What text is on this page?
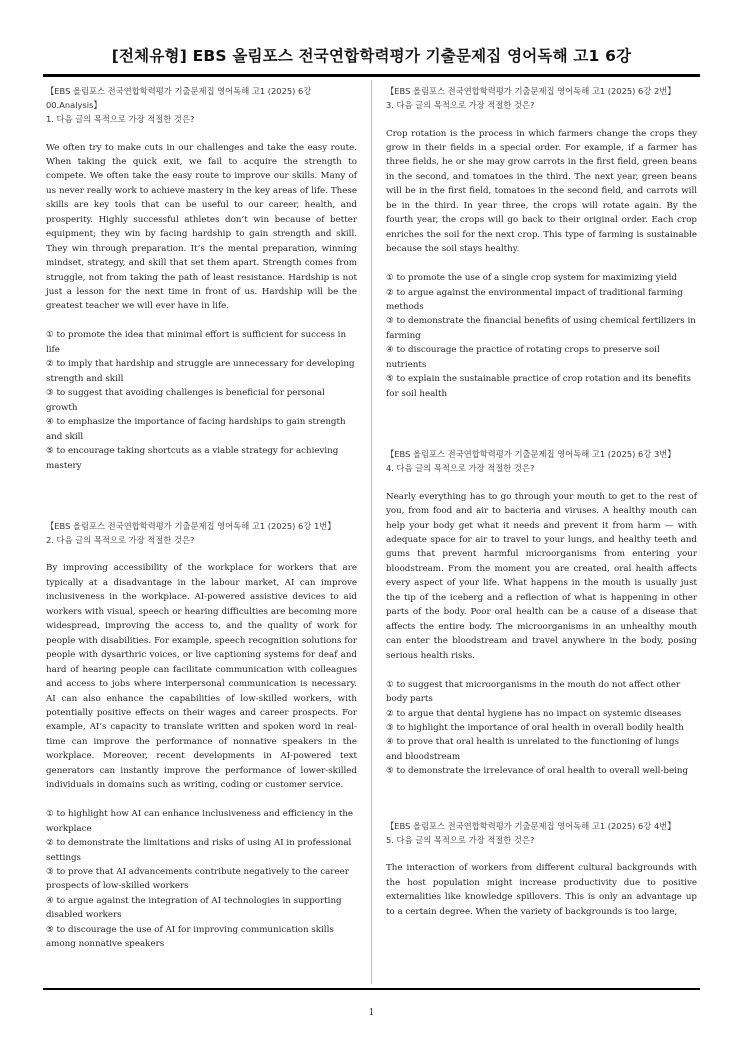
[전체유형] EBS 올림포스 전국연합학력평가 기출문제집 영어독해 고1 6강
【EBS 올림포스 전국연합학력평가 기출문제집 영어독해 고1 (2025) 6강 00.Analysis】
1. 다음 글의 목적으로 가장 적절한 것은?
We often try to make cuts in our challenges and take the easy route. When taking the quick exit, we fail to acquire the strength to compete. We often take the easy route to improve our skills. Many of us never really work to achieve mastery in the key areas of life. These skills are key tools that can be useful to our career, health, and prosperity. Highly successful athletes don’t win because of better equipment; they win by facing hardship to gain strength and skill. They win through preparation. It’s the mental preparation, winning mindset, strategy, and skill that set them apart. Strength comes from struggle, not from taking the path of least resistance. Hardship is not just a lesson for the next time in front of us. Hardship will be the greatest teacher we will ever have in life.
① to promote the idea that minimal effort is sufficient for success in life
② to imply that hardship and struggle are unnecessary for developing strength and skill
③ to suggest that avoiding challenges is beneficial for personal growth
④ to emphasize the importance of facing hardships to gain strength and skill
⑤ to encourage taking shortcuts as a viable strategy for achieving mastery
【EBS 올림포스 전국연합학력평가 기출문제집 영어독해 고1 (2025) 6강 1번】
2. 다음 글의 목적으로 가장 적절한 것은?
By improving accessibility of the workplace for workers that are typically at a disadvantage in the labour market, AI can improve inclusiveness in the workplace. AI-powered assistive devices to aid workers with visual, speech or hearing difficulties are becoming more widespread, improving the access to, and the quality of work for people with disabilities. For example, speech recognition solutions for people with dysarthric voices, or live captioning systems for deaf and hard of hearing people can facilitate communication with colleagues and access to jobs where interpersonal communication is necessary. AI can also enhance the capabilities of low-skilled workers, with potentially positive effects on their wages and career prospects. For example, AI’s capacity to translate written and spoken word in real-time can improve the performance of nonnative speakers in the workplace. Moreover, recent developments in AI-powered text generators can instantly improve the performance of lower-skilled individuals in domains such as writing, coding or customer service.
① to highlight how AI can enhance inclusiveness and efficiency in the workplace
② to demonstrate the limitations and risks of using AI in professional settings
③ to prove that AI advancements contribute negatively to the career prospects of low-skilled workers
④ to argue against the integration of AI technologies in supporting disabled workers
⑤ to discourage the use of AI for improving communication skills among nonnative speakers
【EBS 올림포스 전국연합학력평가 기출문제집 영어독해 고1 (2025) 6강 2번】
3. 다음 글의 목적으로 가장 적절한 것은?
Crop rotation is the process in which farmers change the crops they grow in their fields in a special order. For example, if a farmer has three fields, he or she may grow carrots in the first field, green beans in the second, and tomatoes in the third. The next year, green beans will be in the first field, tomatoes in the second field, and carrots will be in the third. In year three, the crops will rotate again. By the fourth year, the crops will go back to their original order. Each crop enriches the soil for the next crop. This type of farming is sustainable because the soil stays healthy.
① to promote the use of a single crop system for maximizing yield
② to argue against the environmental impact of traditional farming methods
③ to demonstrate the financial benefits of using chemical fertilizers in farming
④ to discourage the practice of rotating crops to preserve soil nutrients
⑤ to explain the sustainable practice of crop rotation and its benefits for soil health
【EBS 올림포스 전국연합학력평가 기출문제집 영어독해 고1 (2025) 6강 3번】
4. 다음 글의 목적으로 가장 적절한 것은?
Nearly everything has to go through your mouth to get to the rest of you, from food and air to bacteria and viruses. A healthy mouth can help your body get what it needs and prevent it from harm — with adequate space for air to travel to your lungs, and healthy teeth and gums that prevent harmful microorganisms from entering your bloodstream. From the moment you are created, oral health affects every aspect of your life. What happens in the mouth is usually just the tip of the iceberg and a reflection of what is happening in other parts of the body. Poor oral health can be a cause of a disease that affects the entire body. The microorganisms in an unhealthy mouth can enter the bloodstream and travel anywhere in the body, posing serious health risks.
① to suggest that microorganisms in the mouth do not affect other body parts
② to argue that dental hygiene has no impact on systemic diseases
③ to highlight the importance of oral health in overall bodily health
④ to prove that oral health is unrelated to the functioning of lungs and bloodstream
⑤ to demonstrate the irrelevance of oral health to overall well-being
【EBS 올림포스 전국연합학력평가 기출문제집 영어독해 고1 (2025) 6강 4번】
5. 다음 글의 목적으로 가장 적절한 것은?
The interaction of workers from different cultural backgrounds with the host population might increase productivity due to positive externalities like knowledge spillovers. This is only an advantage up to a certain degree. When the variety of backgrounds is too large,
1
